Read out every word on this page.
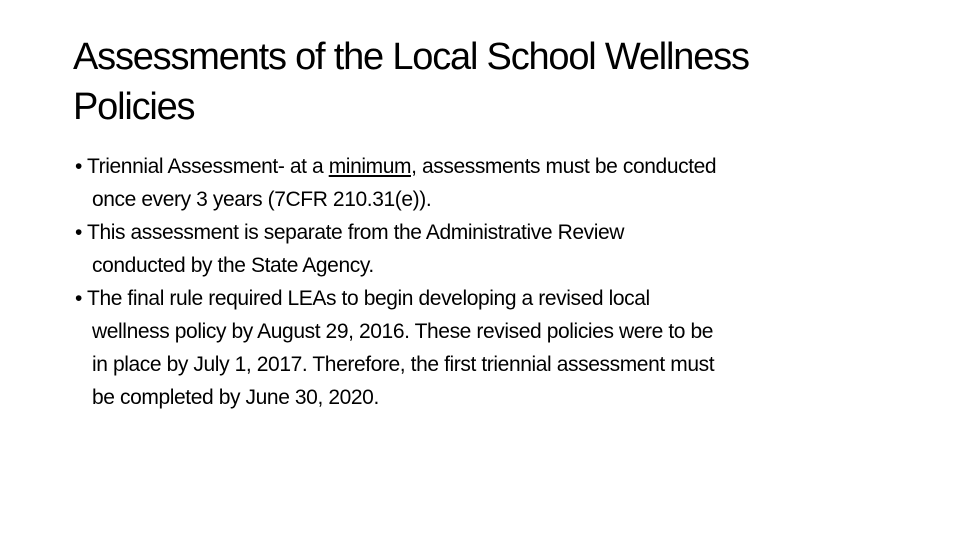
Assessments of the Local School Wellness
Policies
• Triennial Assessment- at a minimum, assessments must be conducted
once every 3 years (7CFR 210.31(e)).
• This assessment is separate from the Administrative Review
conducted by the State Agency.
• The final rule required LEAs to begin developing a revised local
wellness policy by August 29, 2016. These revised policies were to be
in place by July 1, 2017. Therefore, the first triennial assessment must
be completed by June 30, 2020.
